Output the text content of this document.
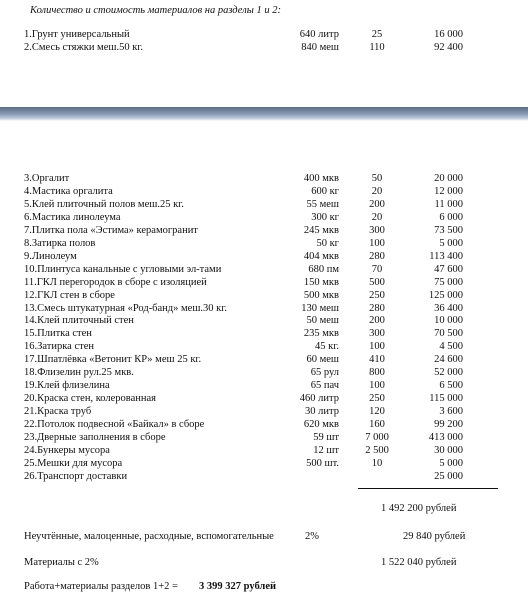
Количество и стоимость материалов на разделы 1 и 2:
1.Грунт универсальный	640 литр	25	16 000
2.Смесь стяжки меш.50 кг.	840 меш	110	92 400
3.Оргалит	400 мкв	50	20 000
4.Мастика оргалита	600 кг	20	12 000
5.Клей плиточный полов меш.25 кг.	55 меш	200	11 000
6.Мастика линолеума	300 кг	20	6 000
7.Плитка пола «Эстима» керамогранит	245 мкв	300	73 500
8.Затирка полов	50 кг	100	5 000
9.Линолеум	404 мкв	280	113 400
10.Плинтуса канальные с угловыми эл-тами	680 пм	70	47 600
11.ГКЛ перегородок в сборе с изоляцией	150 мкв	500	75 000
12.ГКЛ стен в сборе	500 мкв	250	125 000
13.Смесь штукатурная «Род-банд» меш.30 кг.	130 меш	280	36 400
14.Клей плиточный стен	50 меш	200	10 000
15.Плитка стен	235 мкв	300	70 500
16.Затирка стен	45 кг.	100	4 500
17.Шпатлёвка «Ветонит КР» меш 25 кг.	60 меш	410	24 600
18.Флизелин рул.25 мкв.	65 рул	800	52 000
19.Клей флизелина	65 пач	100	6 500
20.Краска стен, колерованная	460 литр	250	115 000
21.Краска труб	30 литр	120	3 600
22.Потолок подвесной «Байкал» в сборе	620 мкв	160	99 200
23.Дверные заполнения в сборе	59 шт	7 000	413 000
24.Бункеры мусора	12 шт	2 500	30 000
25.Мешки для мусора	500 шт.	10	5 000
26.Транспорт доставки	25 000
1 492 200 рублей
Неучтённые, малоценные, расходные, вспомогательные	2%	29 840 рублей
Материалы с 2%	1 522 040 рублей
Работа+материалы разделов 1+2 = 3 399 327 рублей
